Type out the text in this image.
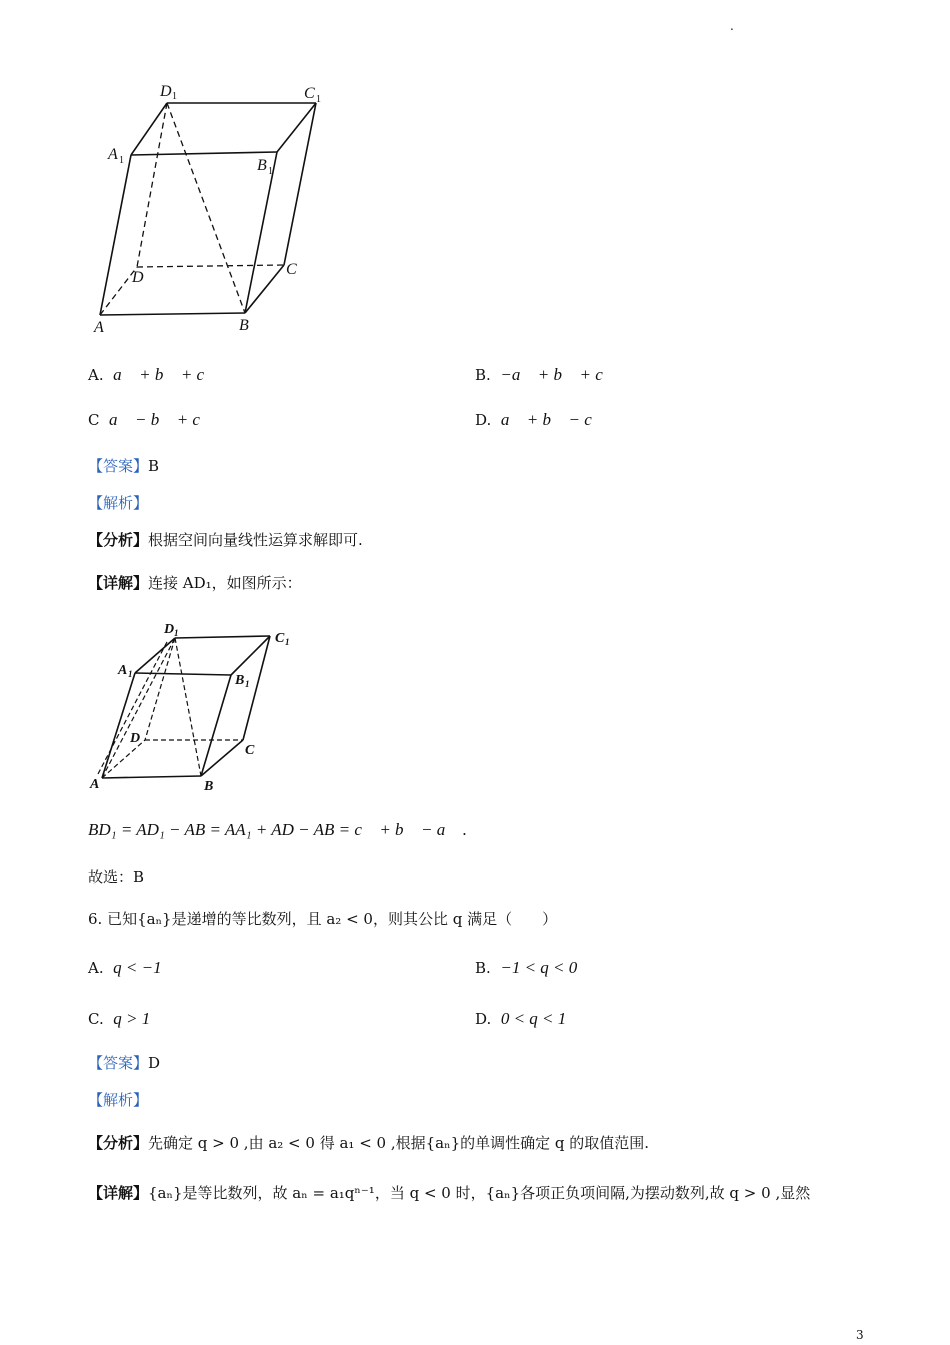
.
D 1	C 1
A 1	B 1
D	C
A	B
A. a⃗ + b⃗ + c⃗	B. −a⃗ + b⃗ + c⃗
C a⃗ − b⃗ + c⃗	D. a⃗ + b⃗ − c⃗
【答案】B
【解析】
【分析】根据空间向量线性运算求解即可.
【详解】连接 AD₁，如图所示：
D 1	C 1
A 1	B 1
D
C
A	B
BD₁ = AD₁ − AB = AA₁ + AD − AB = c⃗ + b⃗ − a⃗ .
故选：B
6. 已知{aₙ}是递增的等比数列，且 a₂ < 0，则其公比 q 满足（　　）
A. q < −1	B. −1 < q < 0
C. q > 1	D. 0 < q < 1
【答案】D
【解析】
【分析】先确定 q > 0 ,由 a₂ < 0 得 a₁ < 0 ,根据{aₙ}的单调性确定 q 的取值范围.
【详解】{aₙ}是等比数列，故 aₙ = a₁qⁿ⁻¹，当 q < 0 时，{aₙ}各项正负项间隔,为摆动数列,故 q > 0 ,显然
3
